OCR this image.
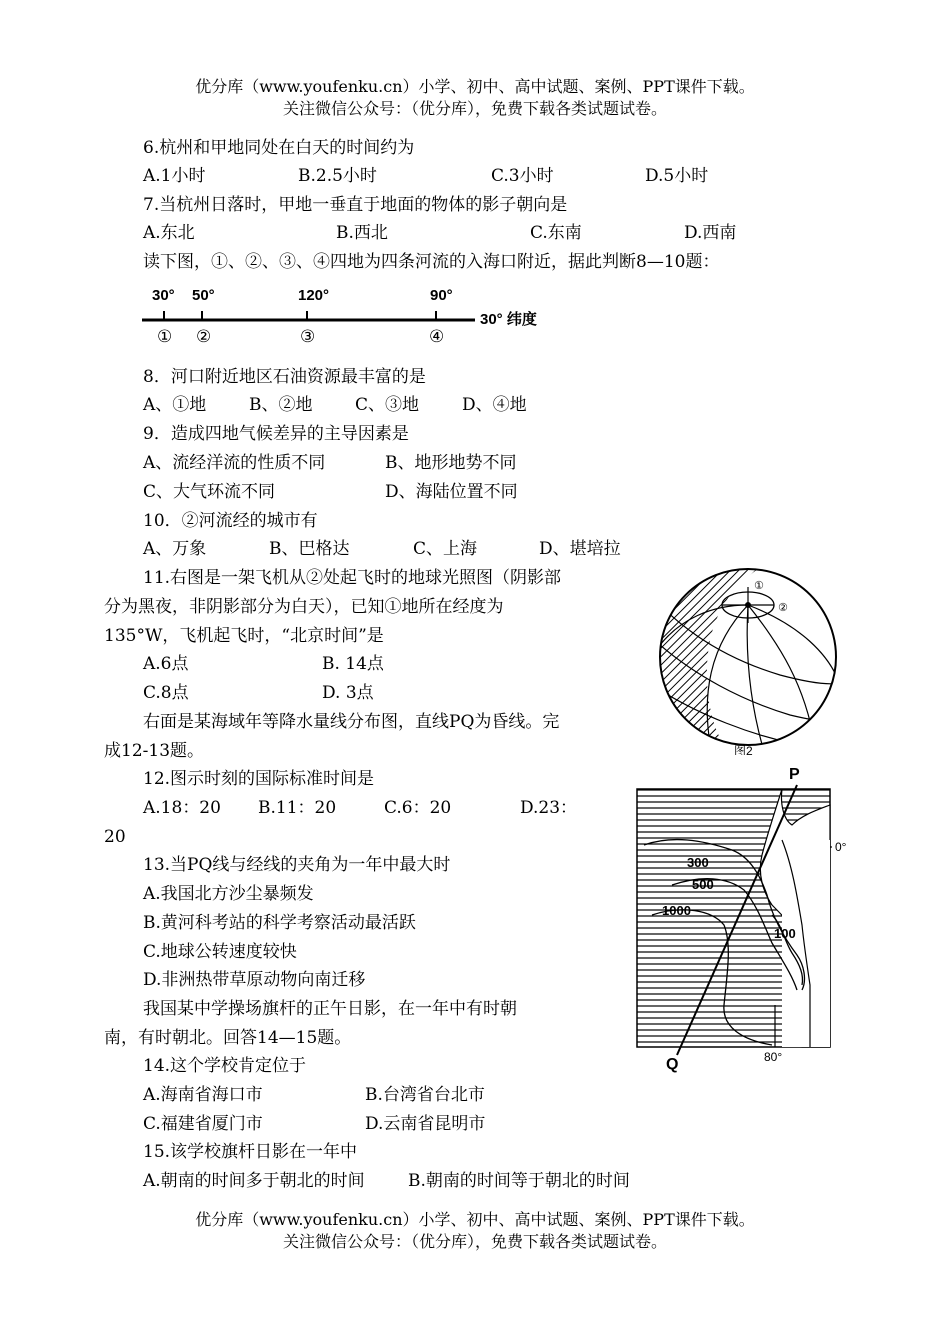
优分库（www.youfenku.cn）小学、初中、高中试题、案例、PPT课件下载。
关注微信公众号：（优分库），免费下载各类试题试卷。
6.杭州和甲地同处在白天的时间约为
A.1小时	B.2.5小时	C.3小时	D.5小时
7.当杭州日落时，甲地一垂直于地面的物体的影子朝向是
A.东北	B.西北	C.东南	D.西南
读下图，①、②、③、④四地为四条河流的入海口附近，据此判断8—10题：
30° 50°	120°	90°
① ②	③	④
30° 纬度
8．河口附近地区石油资源最丰富的是
A、①地	B、②地	C、③地	D、④地
9．造成四地气候差异的主导因素是
A、流经洋流的性质不同	B、地形地势不同
C、大气环流不同	D、海陆位置不同
10．②河流经的城市有
A、万象	B、巴格达	C、上海	D、堪培拉
11.右图是一架飞机从②处起飞时的地球光照图（阴影部
分为黑夜，非阴影部分为白天），已知①地所在经度为
135°W，飞机起飞时，“北京时间”是
A.6点	B. 14点
C.8点	D. 3点
①
②
图2
右面是某海域年等降水量线分布图，直线PQ为昏线。完
成12-13题。
12.图示时刻的国际标准时间是
A.18：20 B.11：20	C.6：20	D.23：
20
13.当PQ线与经线的夹角为一年中最大时
A.我国北方沙尘暴频发
B.黄河科考站的科学考察活动最活跃
C.地球公转速度较快
D.非洲热带草原动物向南迁移
P
Q
0°
80°
300
500
1000
100
我国某中学操场旗杆的正午日影，在一年中有时朝
南，有时朝北。回答14—15题。
14.这个学校肯定位于
A.海南省海口市	B.台湾省台北市
C.福建省厦门市	D.云南省昆明市
15.该学校旗杆日影在一年中
A.朝南的时间多于朝北的时间	B.朝南的时间等于朝北的时间
优分库（www.youfenku.cn）小学、初中、高中试题、案例、PPT课件下载。
关注微信公众号：（优分库），免费下载各类试题试卷。
